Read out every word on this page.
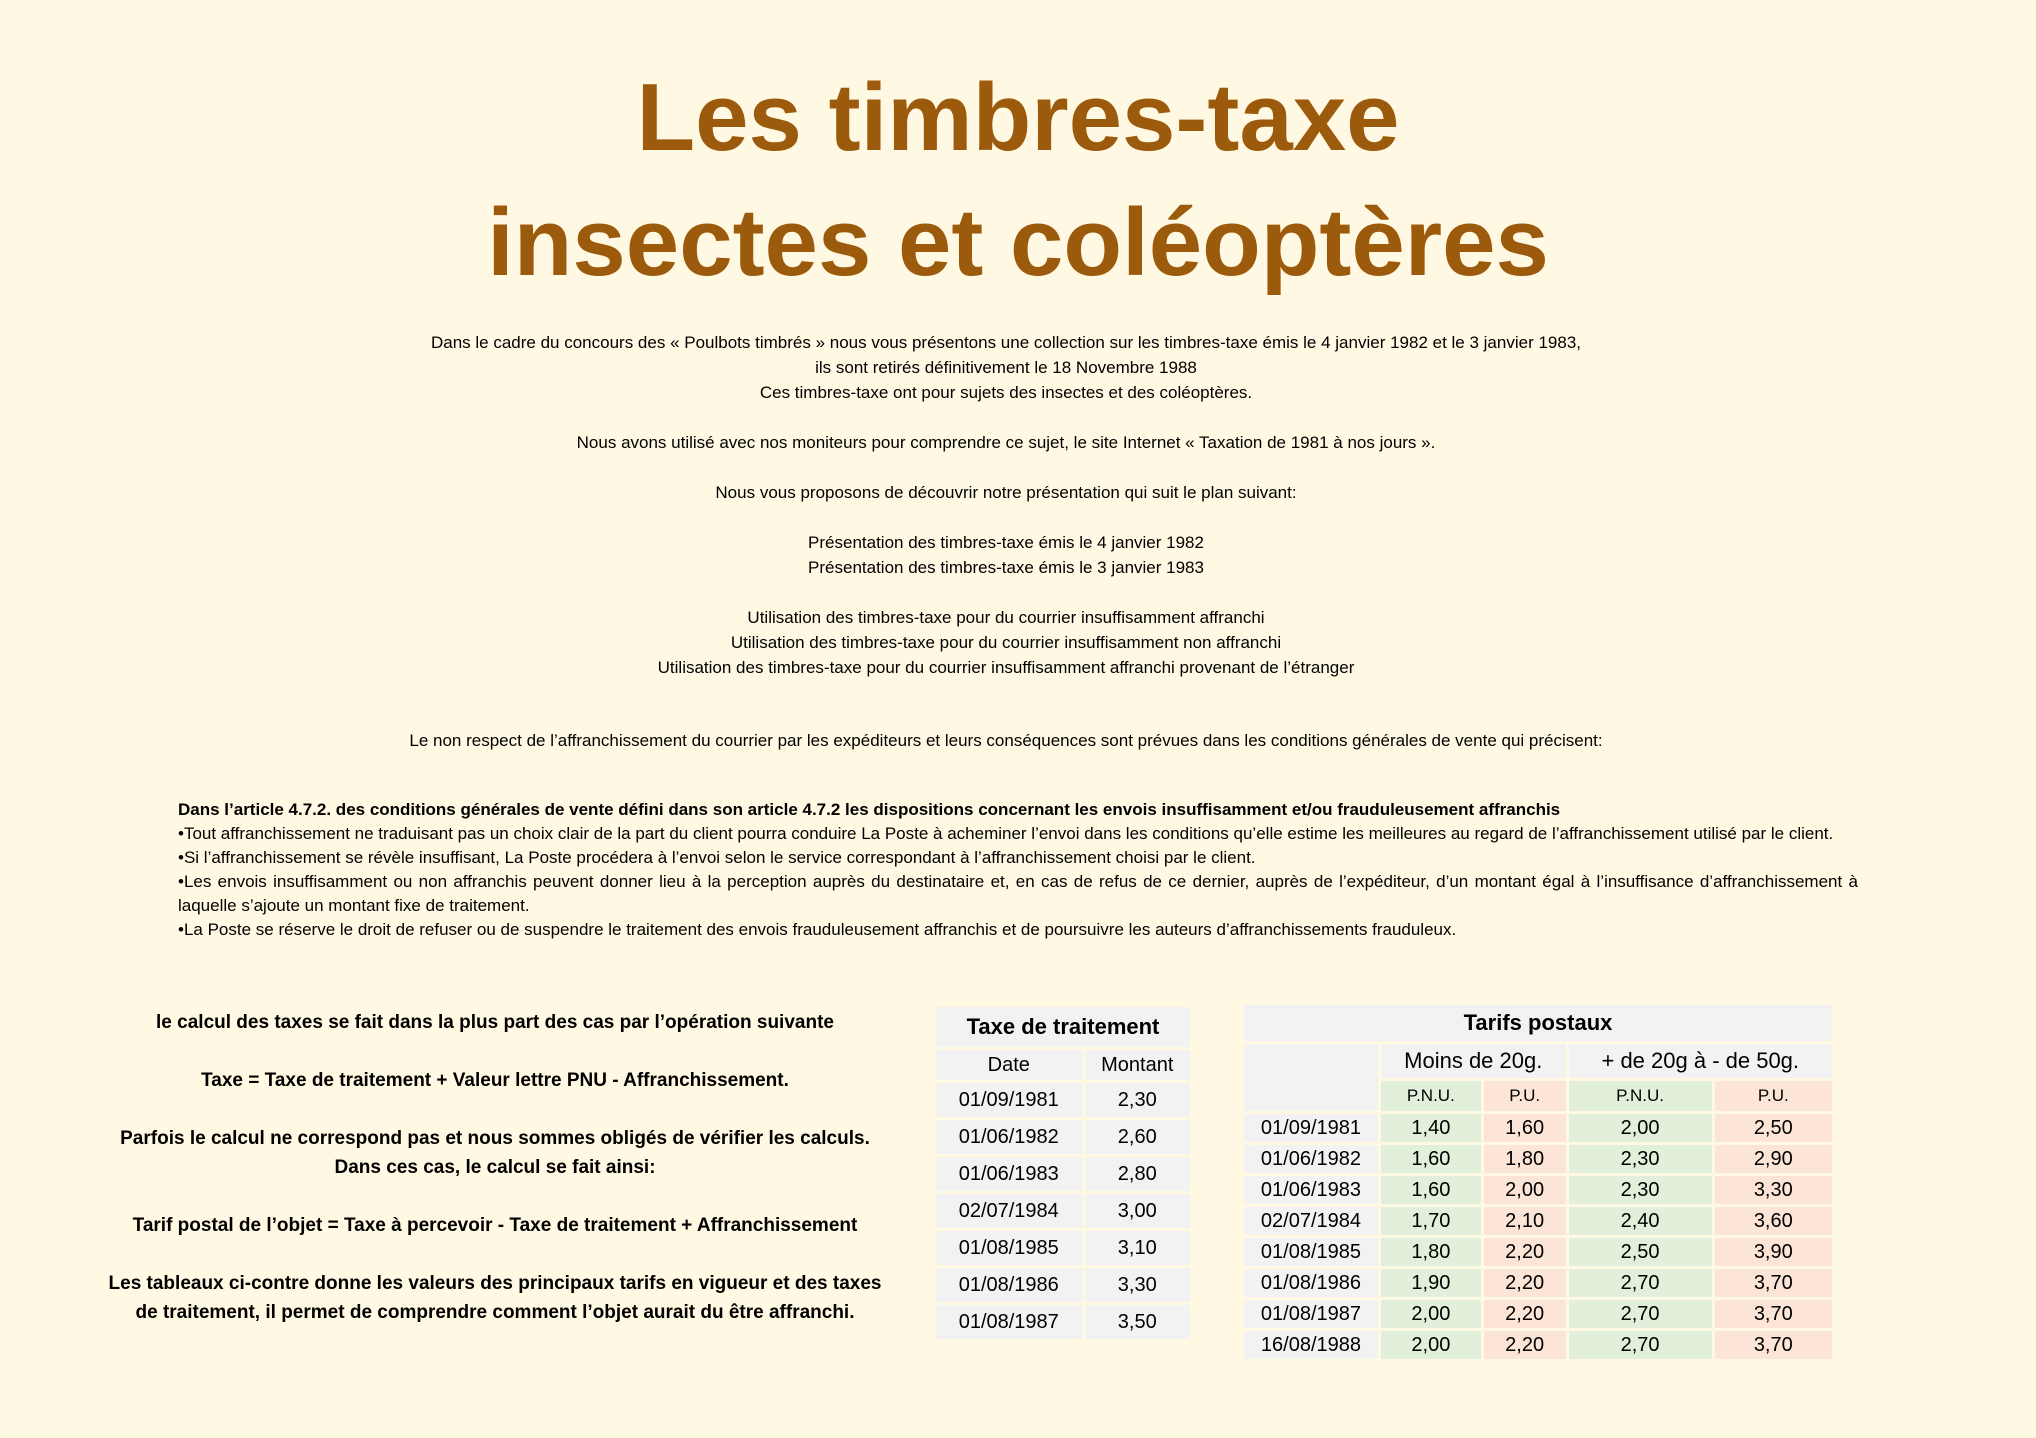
Les timbres-taxe
insectes et coléoptères

Dans le cadre du concours des « Poulbots timbrés » nous vous présentons une collection sur les timbres-taxe émis le 4 janvier 1982 et le 3 janvier 1983,

ils sont retirés définitivement le 18 Novembre 1988

Ces timbres-taxe ont pour sujets des insectes et des coléoptères.

Nous avons utilisé avec nos moniteurs pour comprendre ce sujet, le site Internet « Taxation de 1981 à nos jours ».

Nous vous proposons de découvrir notre présentation qui suit le plan suivant:

Présentation des timbres-taxe émis le 4 janvier 1982

Présentation des timbres-taxe émis le 3 janvier 1983

Utilisation des timbres-taxe pour du courrier insuffisamment affranchi

Utilisation des timbres-taxe pour du courrier insuffisamment non affranchi

Utilisation des timbres-taxe pour du courrier insuffisamment affranchi provenant de l’étranger

Le non respect de l’affranchissement du courrier par les expéditeurs et leurs conséquences sont prévues dans les conditions générales de vente qui précisent:

Dans l’article 4.7.2. des conditions générales de vente défini dans son article 4.7.2 les dispositions concernant les envois insuffisamment et/ou frauduleusement affranchis

•Tout affranchissement ne traduisant pas un choix clair de la part du client pourra conduire La Poste à acheminer l’envoi dans les conditions qu’elle estime les meilleures au regard de l’affranchissement utilisé par le client.

•Si l’affranchissement se révèle insuffisant, La Poste procédera à l’envoi selon le service correspondant à l’affranchissement choisi par le client.

•Les envois insuffisamment ou non affranchis peuvent donner lieu à la perception auprès du destinataire et, en cas de refus de ce dernier, auprès de l’expéditeur, d’un montant égal à l’insuffisance d’affranchissement à laquelle s’ajoute un montant fixe de traitement.

•La Poste se réserve le droit de refuser ou de suspendre le traitement des envois frauduleusement affranchis et de poursuivre les auteurs d’affranchissements frauduleux.

le calcul des taxes se fait dans la plus part des cas par l’opération suivante

Taxe = Taxe de traitement + Valeur lettre PNU - Affranchissement.

Parfois le calcul ne correspond pas et nous sommes obligés de vérifier les calculs.

Dans ces cas, le calcul se fait ainsi:

Tarif postal de l’objet = Taxe à percevoir - Taxe de traitement + Affranchissement

Les tableaux ci-contre donne les valeurs des principaux tarifs en vigueur et des taxes

de traitement, il permet de comprendre comment l’objet aurait du être affranchi.

Taxe de traitement	
Date	Montant
01/09/1981	2,30
01/06/1982	2,60
01/06/1983	2,80
02/07/1984	3,00
01/08/1985	3,10
01/08/1986	3,30
01/08/1987	3,50
Tarifs postaux				
	Moins de 20g.		+ de 20g à - de 50g.	
	P.N.U.	P.U.	P.N.U.	P.U.
01/09/1981	1,40	1,60	2,00	2,50
01/06/1982	1,60	1,80	2,30	2,90
01/06/1983	1,60	2,00	2,30	3,30
02/07/1984	1,70	2,10	2,40	3,60
01/08/1985	1,80	2,20	2,50	3,90
01/08/1986	1,90	2,20	2,70	3,70
01/08/1987	2,00	2,20	2,70	3,70
16/08/1988	2,00	2,20	2,70	3,70
